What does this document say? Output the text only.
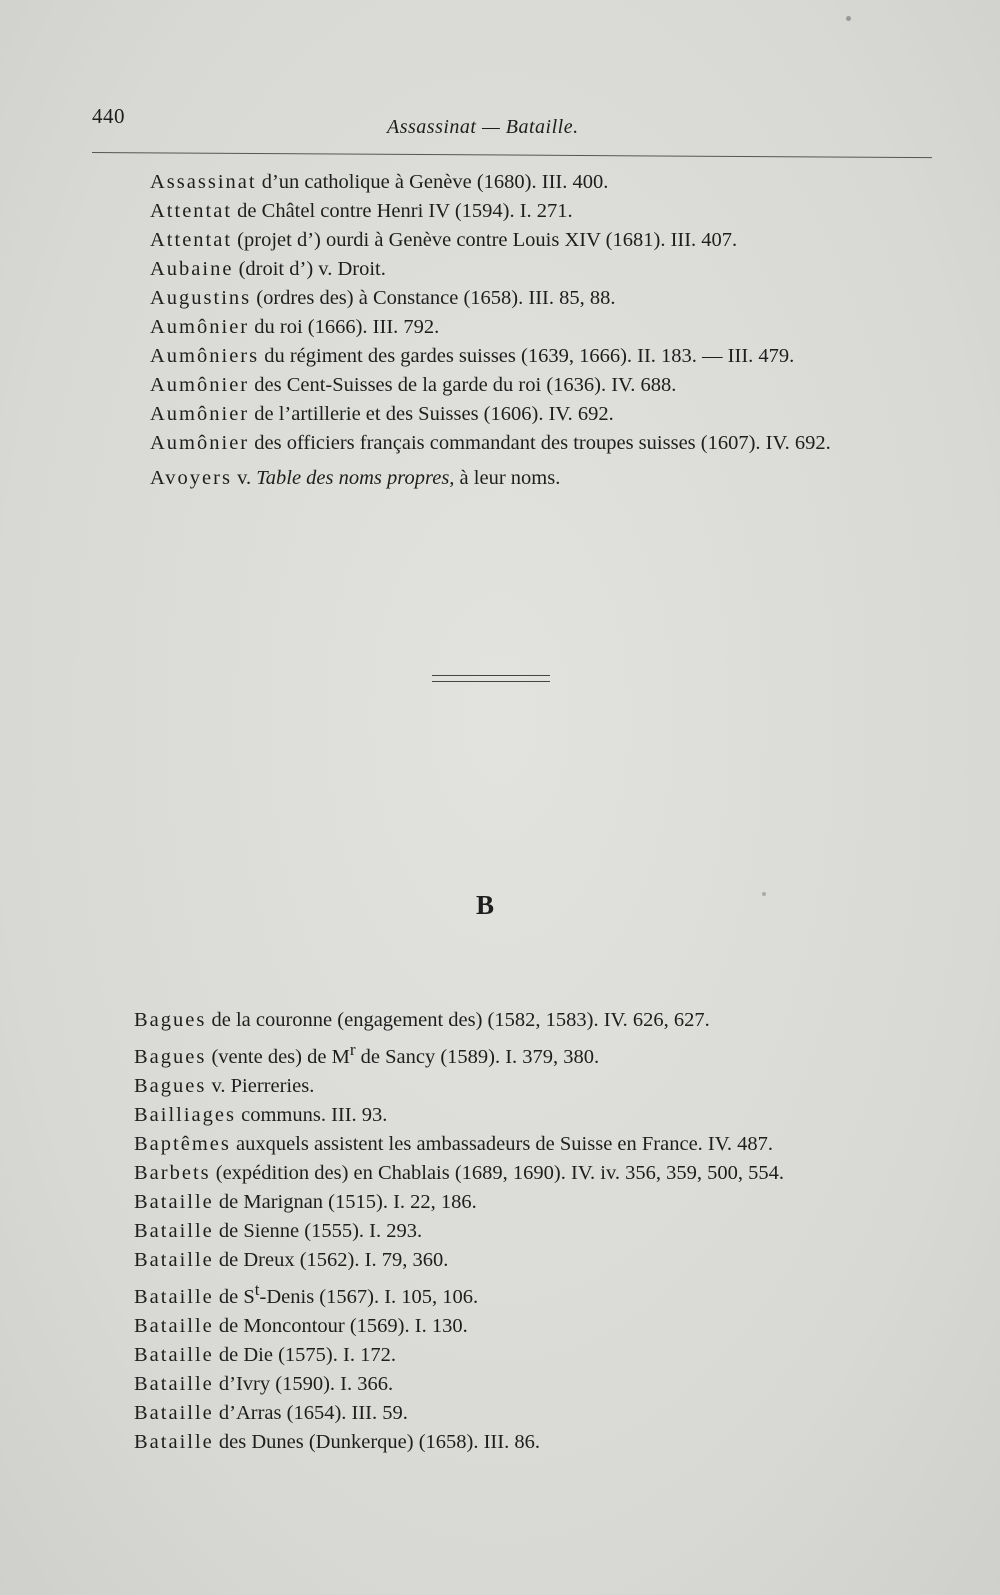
440	Assassinat — Bataille.
Assassinat d’un catholique à Genève (1680). III. 400.
Attentat de Châtel contre Henri IV (1594). I. 271.
Attentat (projet d’) ourdi à Genève contre Louis XIV (1681). III. 407.
Aubaine (droit d’) v. Droit.
Augustins (ordres des) à Constance (1658). III. 85, 88.
Aumônier du roi (1666). III. 792.
Aumôniers du régiment des gardes suisses (1639, 1666). II. 183. — III. 479.
Aumônier des Cent-Suisses de la garde du roi (1636). IV. 688.
Aumônier de l’artillerie et des Suisses (1606). IV. 692.
Aumônier des officiers français commandant des troupes suisses (1607). IV. 692.
Avoyers v. Table des noms propres, à leur noms.
B
Bagues de la couronne (engagement des) (1582, 1583). IV. 626, 627.
Bagues (vente des) de $M^r$ de Sancy (1589). I. 379, 380.
Bagues v. Pierreries.
Bailliages communs. III. 93.
Baptêmes auxquels assistent les ambassadeurs de Suisse en France. IV. 487.
Barbets (expédition des) en Chablais (1689, 1690). IV. iv. 356, 359, 500, 554.
Bataille de Marignan (1515). I. 22, 186.
Bataille de Sienne (1555). I. 293.
Bataille de Dreux (1562). I. 79, 360.
Bataille de $S^t$-Denis (1567). I. 105, 106.
Bataille de Moncontour (1569). I. 130.
Bataille de Die (1575). I. 172.
Bataille d’Ivry (1590). I. 366.
Bataille d’Arras (1654). III. 59.
Bataille des Dunes (Dunkerque) (1658). III. 86.
